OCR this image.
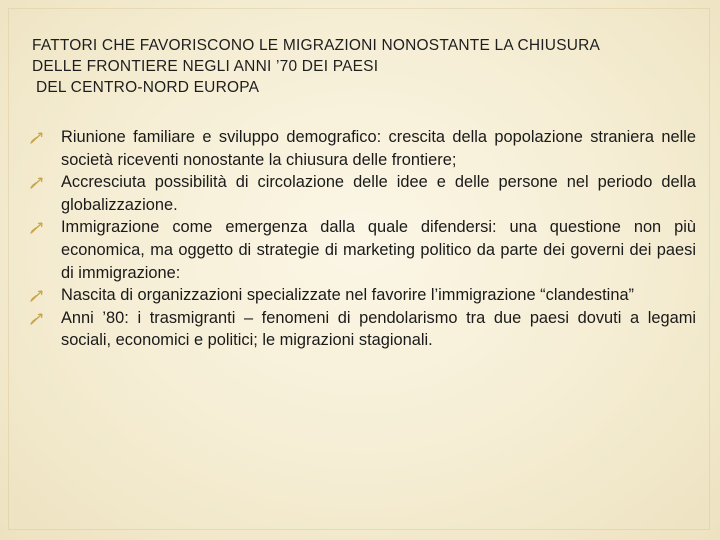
FATTORI CHE FAVORISCONO LE MIGRAZIONI NONOSTANTE LA CHIUSURA
DELLE FRONTIERE NEGLI ANNI ’70 DEI PAESI
DEL CENTRO-NORD EUROPA
Riunione familiare e sviluppo demografico: crescita della popolazione straniera nelle società riceventi nonostante la chiusura delle frontiere;
Accresciuta possibilità di circolazione delle idee e delle persone nel periodo della globalizzazione.
Immigrazione come emergenza dalla quale difendersi: una questione non più economica, ma oggetto di strategie di marketing politico da parte dei governi dei paesi di immigrazione:
Nascita di organizzazioni specializzate nel favorire l’immigrazione “clandestina”
Anni ’80: i trasmigranti – fenomeni di pendolarismo tra due paesi dovuti a legami sociali, economici e politici; le migrazioni stagionali.
